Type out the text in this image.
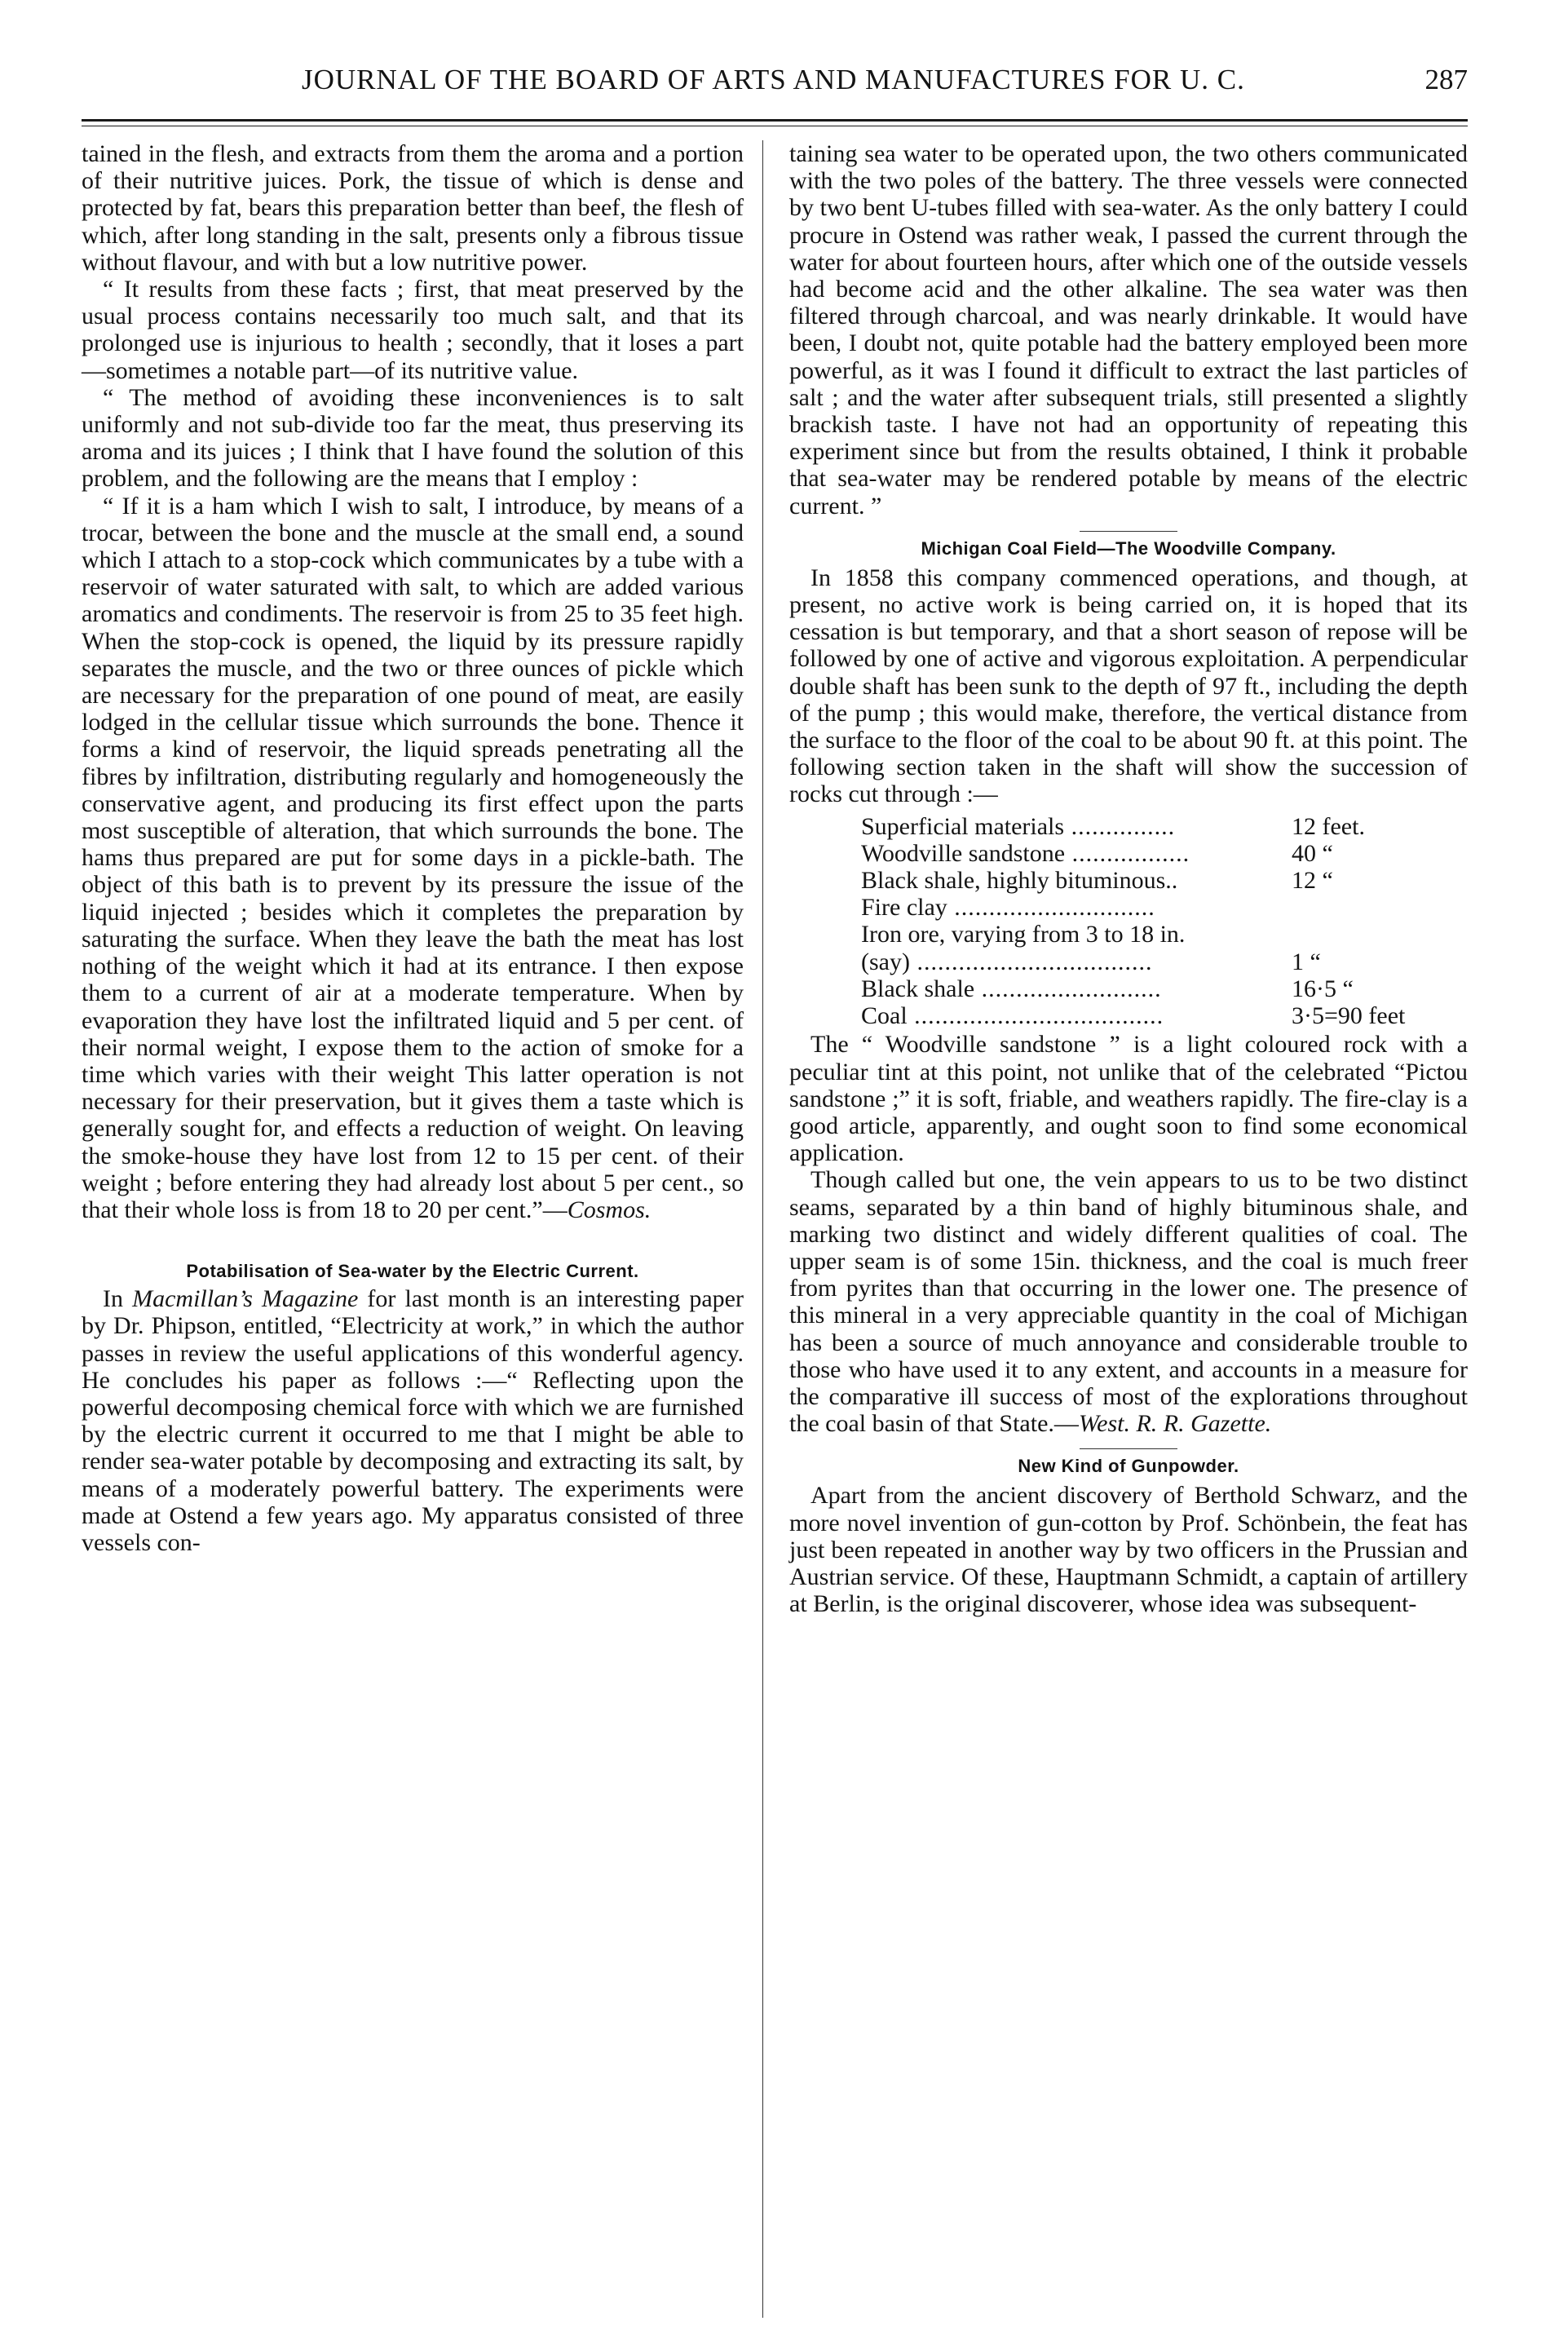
JOURNAL OF THE BOARD OF ARTS AND MANUFACTURES FOR U. C.	287

tained in the flesh, and extracts from them the aroma and a portion of their nutritive juices. Pork, the tissue of which is dense and protected by fat, bears this preparation better than beef, the flesh of which, after long standing in the salt, presents only a fibrous tissue without flavour, and with but a low nutritive power.

“ It results from these facts ; first, that meat preserved by the usual process contains necessarily too much salt, and that its prolonged use is injurious to health ; secondly, that it loses a part —sometimes a notable part—of its nutritive value.

“ The method of avoiding these inconveniences is to salt uniformly and not sub-divide too far the meat, thus preserving its aroma and its juices ; I think that I have found the solution of this problem, and the following are the means that I employ :

“ If it is a ham which I wish to salt, I introduce, by means of a trocar, between the bone and the muscle at the small end, a sound which I attach to a stop-cock which communicates by a tube with a reservoir of water saturated with salt, to which are added various aromatics and condiments. The reservoir is from 25 to 35 feet high. When the stop-cock is opened, the liquid by its pressure rapidly separates the muscle, and the two or three ounces of pickle which are necessary for the preparation of one pound of meat, are easily lodged in the cellular tissue which surrounds the bone. Thence it forms a kind of reservoir, the liquid spreads penetrating all the fibres by infiltration, distributing regularly and homogeneously the conservative agent, and producing its first effect upon the parts most susceptible of alteration, that which surrounds the bone. The hams thus prepared are put for some days in a pickle-bath. The object of this bath is to prevent by its pressure the issue of the liquid injected ; besides which it completes the preparation by saturating the surface. When they leave the bath the meat has lost nothing of the weight which it had at its entrance. I then expose them to a current of air at a moderate temperature. When by evaporation they have lost the infiltrated liquid and 5 per cent. of their normal weight, I expose them to the action of smoke for a time which varies with their weight This latter operation is not necessary for their preservation, but it gives them a taste which is generally sought for, and effects a reduction of weight. On leaving the smoke-house they have lost from 12 to 15 per cent. of their weight ; before entering they had already lost about 5 per cent., so that their whole loss is from 18 to 20 per cent.”—Cosmos.

Potabilisation of Sea-water by the Electric Current.

In Macmillan’s Magazine for last month is an interesting paper by Dr. Phipson, entitled, “Electricity at work,” in which the author passes in review the useful applications of this wonderful agency. He concludes his paper as follows :—“ Reflecting upon the powerful decomposing chemical force with which we are furnished by the electric current it occurred to me that I might be able to render sea-water potable by decomposing and extracting its salt, by means of a moderately powerful battery. The experiments were made at Ostend a few years ago. My apparatus consisted of three vessels con-

taining sea water to be operated upon, the two others communicated with the two poles of the battery. The three vessels were connected by two bent U-tubes filled with sea-water. As the only battery I could procure in Ostend was rather weak, I passed the current through the water for about fourteen hours, after which one of the outside vessels had become acid and the other alkaline. The sea water was then filtered through charcoal, and was nearly drinkable. It would have been, I doubt not, quite potable had the battery employed been more powerful, as it was I found it difficult to extract the last particles of salt ; and the water after subsequent trials, still presented a slightly brackish taste. I have not had an opportunity of repeating this experiment since but from the results obtained, I think it probable that sea-water may be rendered potable by means of the electric current. ”

Michigan Coal Field—The Woodville Company.

In 1858 this company commenced operations, and though, at present, no active work is being carried on, it is hoped that its cessation is but temporary, and that a short season of repose will be followed by one of active and vigorous exploitation. A perpendicular double shaft has been sunk to the depth of 97 ft., including the depth of the pump ; this would make, therefore, the vertical distance from the surface to the floor of the coal to be about 90 ft. at this point. The following section taken in the shaft will show the succession of rocks cut through :—

Superficial materials ...............	12 feet.
Woodville sandstone .................	40 “
Black shale, highly bituminous..	12 “
Fire clay .............................	
Iron ore, varying from 3 to 18 in.	
(say) ..................................	1 “
Black shale ..........................	16·5 “
Coal ....................................	3·5=90 feet

The “ Woodville sandstone ” is a light coloured rock with a peculiar tint at this point, not unlike that of the celebrated “Pictou sandstone ;” it is soft, friable, and weathers rapidly. The fire-clay is a good article, apparently, and ought soon to find some economical application.

Though called but one, the vein appears to us to be two distinct seams, separated by a thin band of highly bituminous shale, and marking two distinct and widely different qualities of coal. The upper seam is of some 15in. thickness, and the coal is much freer from pyrites than that occurring in the lower one. The presence of this mineral in a very appreciable quantity in the coal of Michigan has been a source of much annoyance and considerable trouble to those who have used it to any extent, and accounts in a measure for the comparative ill success of most of the explorations throughout the coal basin of that State.—West. R. R. Gazette.

New Kind of Gunpowder.

Apart from the ancient discovery of Berthold Schwarz, and the more novel invention of gun-cotton by Prof. Schönbein, the feat has just been repeated in another way by two officers in the Prussian and Austrian service. Of these, Hauptmann Schmidt, a captain of artillery at Berlin, is the original discoverer, whose idea was subsequent-
